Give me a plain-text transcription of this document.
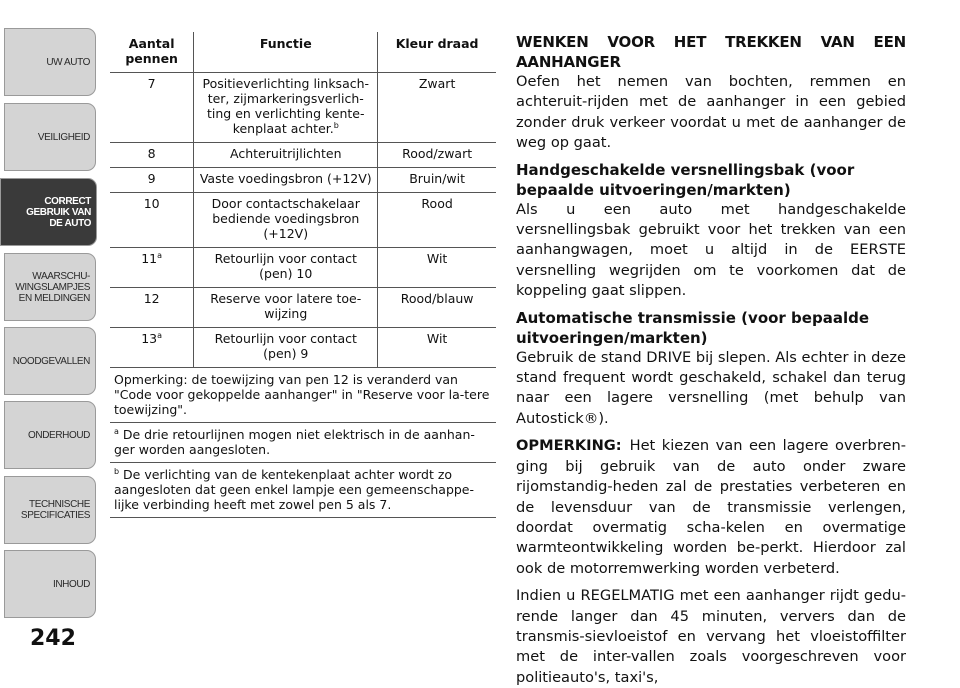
UW AUTO
VEILIGHEID
CORRECT
GEBRUIK VAN
DE AUTO
WAARSCHU-
WINGSLAMPJES
EN MELDINGEN
NOODGEVALLEN
ONDERHOUD
TECHNISCHE
SPECIFICATIES
INHOUD
242
Aantal pennen	Functie	Kleur draad
7	Positieverlichting linksach-ter, zijmarkeringsverlich-ting en verlichting kente-kenplaat achter.$^b$	Zwart
8	Achteruitrijlichten	Rood/zwart
9	Vaste voedingsbron (+12V)	Bruin/wit
10	Door contactschakelaar bediende voedingsbron (+12V)	Rood
11$^a$	Retourlijn voor contact (pen) 10	Wit
12	Reserve voor latere toe-wijzing	Rood/blauw
13$^a$	Retourlijn voor contact (pen) 9	Wit
Opmerking: de toewijzing van pen 12 is veranderd van "Code voor gekoppelde aanhanger" in "Reserve voor la-tere toewijzing".		
$^a$ De drie retourlijnen mogen niet elektrisch in de aanhan-ger worden aangesloten.		
$^b$ De verlichting van de kentekenplaat achter wordt zo aangesloten dat geen enkel lampje een gemeenschappe-lijke verbinding heeft met zowel pen 5 als 7.		
WENKEN VOOR HET TREKKEN VAN EEN AANHANGER

Oefen het nemen van bochten, remmen en achteruit-rijden met de aanhanger in een gebied zonder druk verkeer voordat u met de aanhanger de weg op gaat.

Handgeschakelde versnellingsbak (voor bepaalde uitvoeringen/markten)

Als u een auto met handgeschakelde versnellingsbak gebruikt voor het trekken van een aanhangwagen, moet u altijd in de EERSTE versnelling wegrijden om te voorkomen dat de koppeling gaat slippen.

Automatische transmissie (voor bepaalde uitvoeringen/markten)

Gebruik de stand DRIVE bij slepen. Als echter in deze stand frequent wordt geschakeld, schakel dan terug naar een lagere versnelling (met behulp van Autostick®).

OPMERKING: Het kiezen van een lagere overbren-ging bij gebruik van de auto onder zware rijomstandig-heden zal de prestaties verbeteren en de levensduur van de transmissie verlengen, doordat overmatig scha-kelen en overmatige warmteontwikkeling worden be-perkt. Hierdoor zal ook de motorremwerking worden verbeterd.

Indien u REGELMATIG met een aanhanger rijdt gedu-rende langer dan 45 minuten, ververs dan de transmis-sievloeistof en vervang het vloeistoffilter met de inter-vallen zoals voorgeschreven voor politieauto's, taxi's,
